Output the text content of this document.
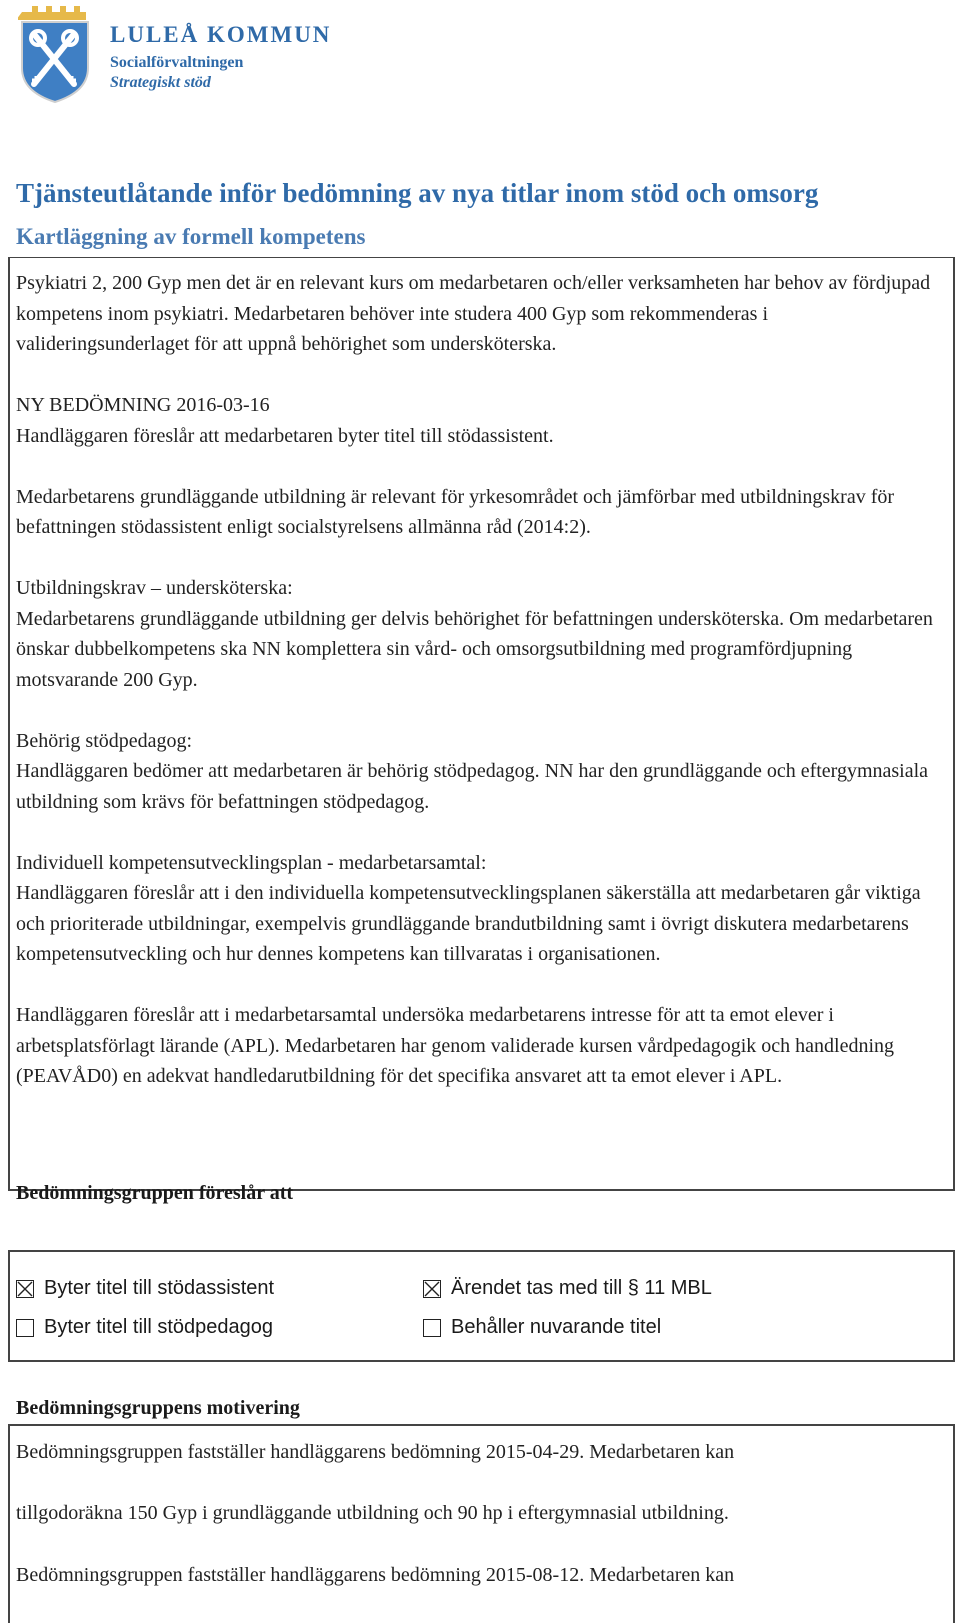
LULEÅ KOMMUN
Socialförvaltningen
Strategiskt stöd
Tjänsteutlåtande inför bedömning av nya titlar inom stöd och omsorg
Kartläggning av formell kompetens

Psykiatri 2, 200 Gyp men det är en relevant kurs om medarbetaren och/eller verksamheten har behov av fördjupad kompetens inom psykiatri. Medarbetaren behöver inte studera 400 Gyp som rekommenderas i valideringsunderlaget för att uppnå behörighet som undersköterska.

NY BEDÖMNING 2016-03-16

Handläggaren föreslår att medarbetaren byter titel till stödassistent.

Medarbetarens grundläggande utbildning är relevant för yrkesområdet och jämförbar med utbildningskrav för befattningen stödassistent enligt socialstyrelsens allmänna råd (2014:2).

Utbildningskrav – undersköterska:

Medarbetarens grundläggande utbildning ger delvis behörighet för befattningen undersköterska. Om medarbetaren önskar dubbelkompetens ska NN komplettera sin vård- och omsorgsutbildning med programfördjupning motsvarande 200 Gyp.

Behörig stödpedagog:

Handläggaren bedömer att medarbetaren är behörig stödpedagog. NN har den grundläggande och eftergymnasiala utbildning som krävs för befattningen stödpedagog.

Individuell kompetensutvecklingsplan - medarbetarsamtal:

Handläggaren föreslår att i den individuella kompetensutvecklingsplanen säkerställa att medarbetaren går viktiga och prioriterade utbildningar, exempelvis grundläggande brandutbildning samt i övrigt diskutera medarbetarens kompetensutveckling och hur dennes kompetens kan tillvaratas i organisationen.

Handläggaren föreslår att i medarbetarsamtal undersöka medarbetarens intresse för att ta emot elever i arbetsplatsförlagt lärande (APL). Medarbetaren har genom validerade kursen vårdpedagogik och handledning (PEAVÅD0) en adekvat handledarutbildning för det specifika ansvaret att ta emot elever i APL.

Bedömningsgruppen föreslår att
Byter titel till stödassistent	Ärendet tas med till § 11 MBL
Byter titel till stödpedagog	Behåller nuvarande titel
Bedömningsgruppens motivering
Bedömningsgruppen fastställer handläggarens bedömning 2015-04-29. Medarbetaren kan
tillgodoräkna 150 Gyp i grundläggande utbildning och 90 hp i eftergymnasial utbildning.
Bedömningsgruppen fastställer handläggarens bedömning 2015-08-12. Medarbetaren kan
